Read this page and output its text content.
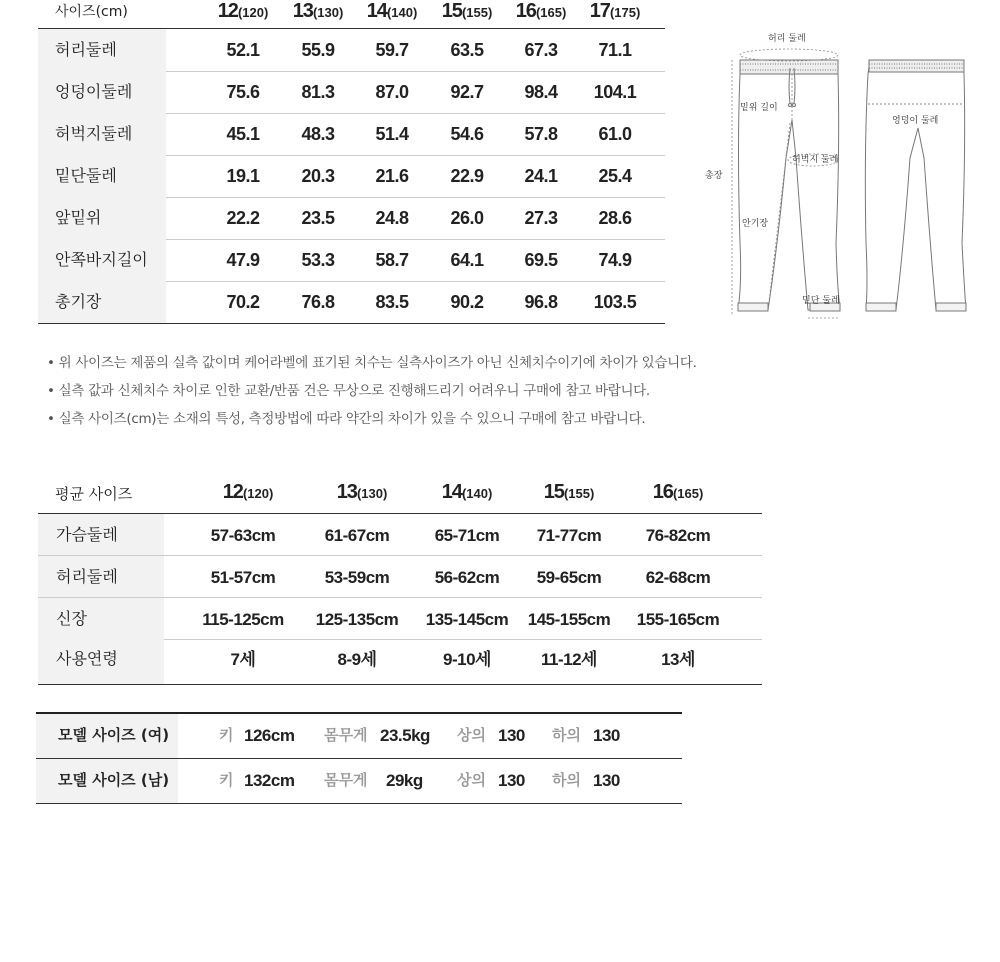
사이즈(cm)	12(120)	13(130)	14(140)	15(155)	16(165)	17(175)
허리둘레	52.1	55.9	59.7	63.5	67.3	71.1
엉덩이둘레	75.6	81.3	87.0	92.7	98.4	104.1
허벅지둘레	45.1	48.3	51.4	54.6	57.8	61.0
밑단둘레	19.1	20.3	21.6	22.9	24.1	25.4
앞밑위	22.2	23.5	24.8	26.0	27.3	28.6
안쪽바지길이	47.9	53.3	58.7	64.1	69.5	74.9
총기장	70.2	76.8	83.5	90.2	96.8	103.5
허리 둘레
밑위 길이
총장
허벅지 둘레
안기장
밑단 둘레
엉덩이 둘레
• 위 사이즈는 제품의 실측 값이며 케어라벨에 표기된 치수는 실측사이즈가 아닌 신체치수이기에 차이가 있습니다.
• 실측 값과 신체치수 차이로 인한 교환/반품 건은 무상으로 진행해드리기 어려우니 구매에 참고 바랍니다.
• 실측 사이즈(cm)는 소재의 특성, 측정방법에 따라 약간의 차이가 있을 수 있으니 구매에 참고 바랍니다.
평균 사이즈	12(120)	13(130)	14(140)	15(155)	16(165)
가슴둘레	57-63cm	61-67cm	65-71cm	71-77cm	76-82cm
허리둘레	51-57cm	53-59cm	56-62cm	59-65cm	62-68cm
신장	115-125cm	125-135cm	135-145cm	145-155cm	155-165cm
사용연령	7세	8-9세	9-10세	11-12세	13세
모델 사이즈 (여)	키 126cm 몸무게 23.5kg 상의 130 하의 130
모델 사이즈 (남)	키 132cm 몸무게 29kg 상의 130 하의 130
